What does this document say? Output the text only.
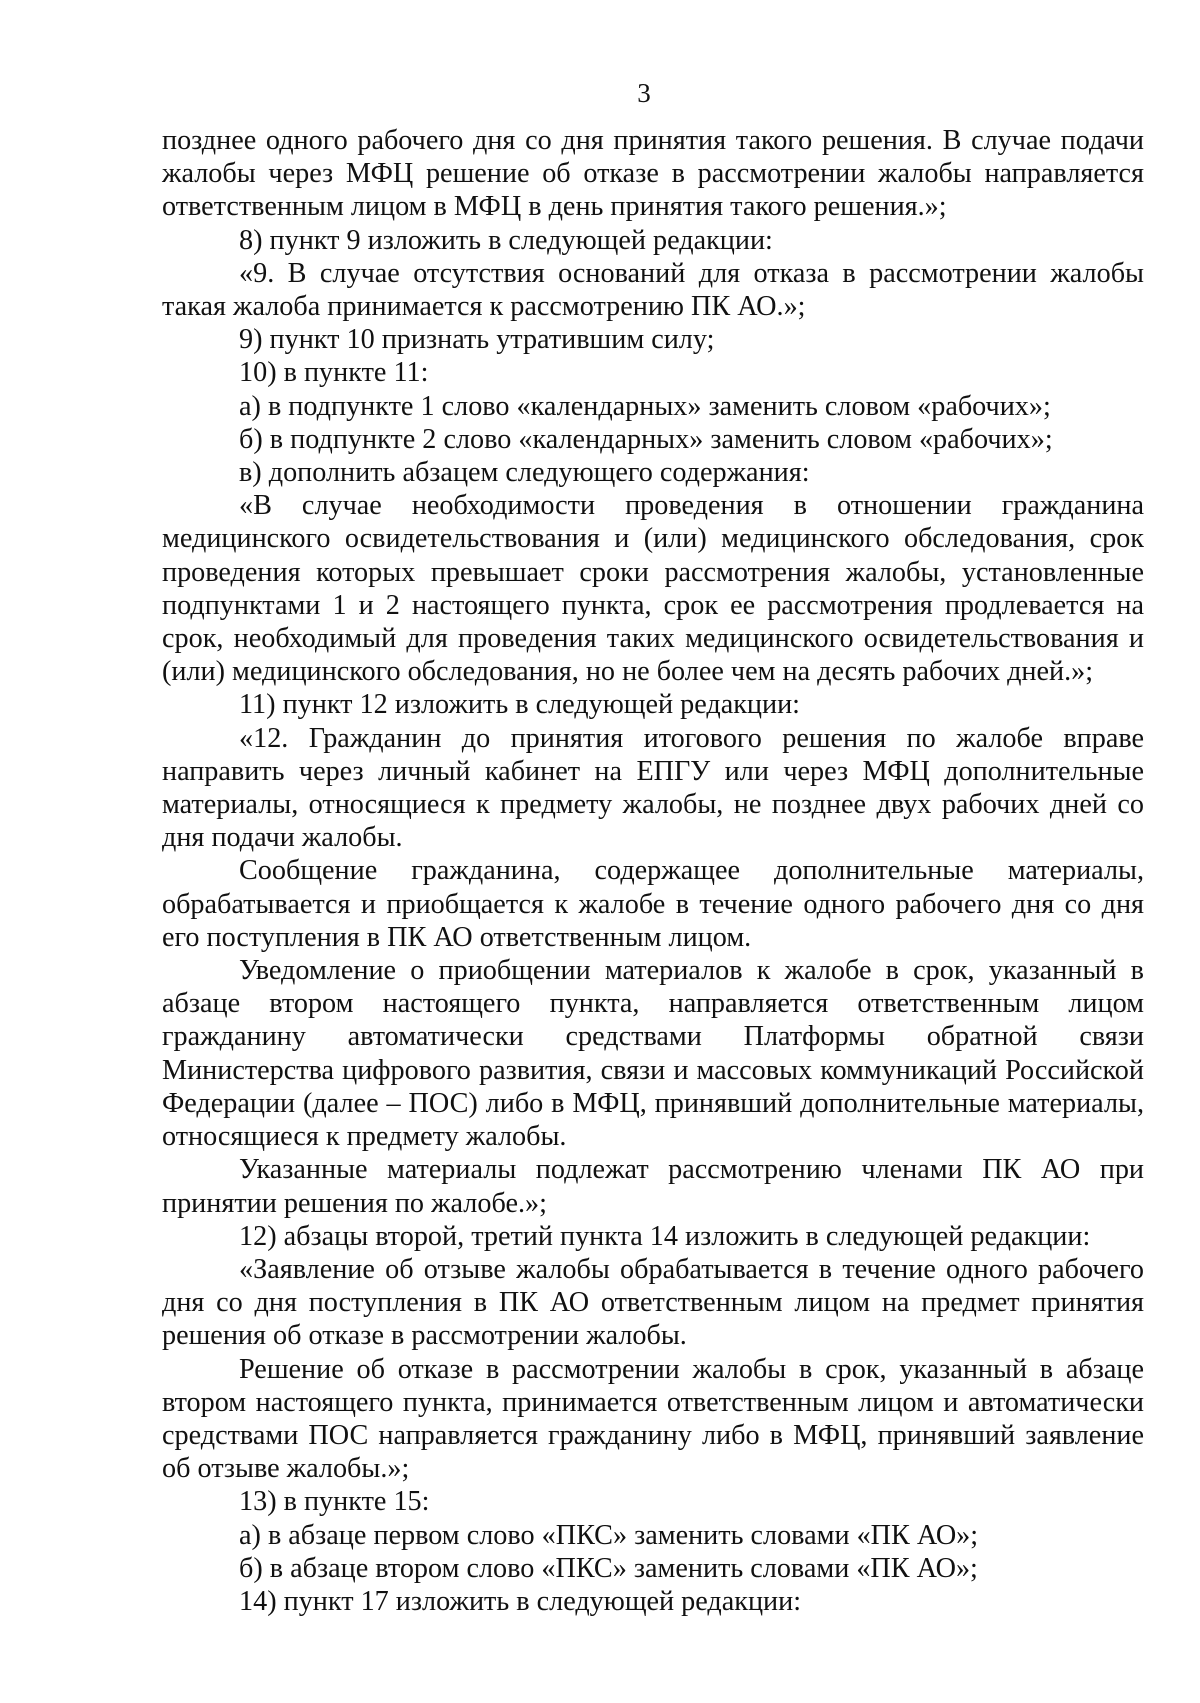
3

позднее одного рабочего дня со дня принятия такого решения. В случае подачи жалобы через МФЦ решение об отказе в рассмотрении жалобы направляется ответственным лицом в МФЦ в день принятия такого решения.»;

8) пункт 9 изложить в следующей редакции:

«9. В случае отсутствия оснований для отказа в рассмотрении жалобы такая жалоба принимается к рассмотрению ПК АО.»;

9) пункт 10 признать утратившим силу;

10) в пункте 11:

а) в подпункте 1 слово «календарных» заменить словом «рабочих»;

б) в подпункте 2 слово «календарных» заменить словом «рабочих»;

в) дополнить абзацем следующего содержания:

«В случае необходимости проведения в отношении гражданина медицинского освидетельствования и (или) медицинского обследования, срок проведения которых превышает сроки рассмотрения жалобы, установленные подпунктами 1 и 2 настоящего пункта, срок ее рассмотрения продлевается на срок, необходимый для проведения таких медицинского освидетельствования и (или) медицинского обследования, но не более чем на десять рабочих дней.»;

11) пункт 12 изложить в следующей редакции:

«12. Гражданин до принятия итогового решения по жалобе вправе направить через личный кабинет на ЕПГУ или через МФЦ дополнительные материалы, относящиеся к предмету жалобы, не позднее двух рабочих дней со дня подачи жалобы.

Сообщение гражданина, содержащее дополнительные материалы, обрабатывается и приобщается к жалобе в течение одного рабочего дня со дня его поступления в ПК АО ответственным лицом.

Уведомление о приобщении материалов к жалобе в срок, указанный в абзаце втором настоящего пункта, направляется ответственным лицом гражданину автоматически средствами Платформы обратной связи Министерства цифрового развития, связи и массовых коммуникаций Российской Федерации (далее – ПОС) либо в МФЦ, принявший дополнительные материалы, относящиеся к предмету жалобы.

Указанные материалы подлежат рассмотрению членами ПК АО при принятии решения по жалобе.»;

12) абзацы второй, третий пункта 14 изложить в следующей редакции:

«Заявление об отзыве жалобы обрабатывается в течение одного рабочего дня со дня поступления в ПК АО ответственным лицом на предмет принятия решения об отказе в рассмотрении жалобы.

Решение об отказе в рассмотрении жалобы в срок, указанный в абзаце втором настоящего пункта, принимается ответственным лицом и автоматически средствами ПОС направляется гражданину либо в МФЦ, принявший заявление об отзыве жалобы.»;

13) в пункте 15:

а) в абзаце первом слово «ПКС» заменить словами «ПК АО»;

б) в абзаце втором слово «ПКС» заменить словами «ПК АО»;

14) пункт 17 изложить в следующей редакции:
